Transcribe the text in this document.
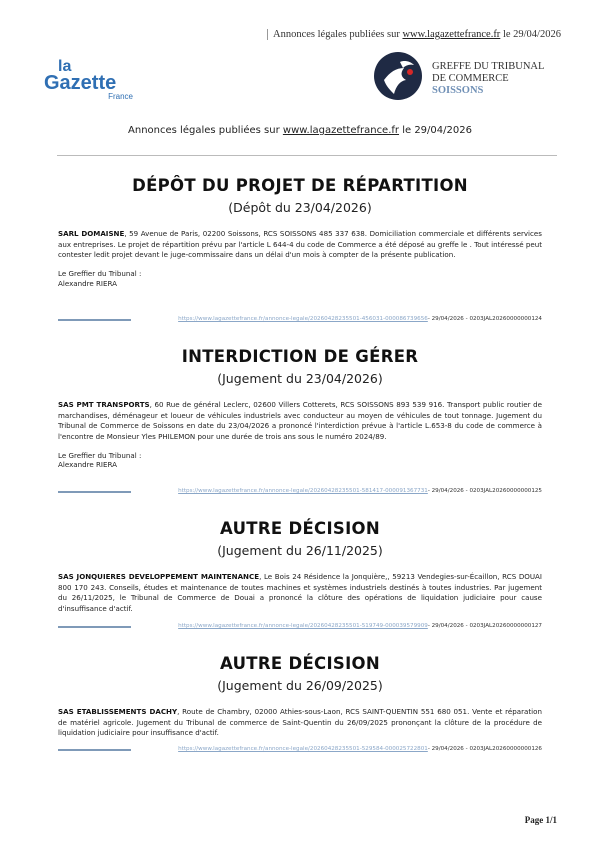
Annonces légales publiées sur www.lagazettefrance.fr le 29/04/2026
la
Gazette
France
GREFFE DU TRIBUNAL
DE COMMERCE
SOISSONS
Annonces légales publiées sur www.lagazettefrance.fr le 29/04/2026
DÉPÔT DU PROJET DE RÉPARTITION
(Dépôt du 23/04/2026)
SARL DOMAISNE, 59 Avenue de Paris, 02200 Soissons, RCS SOISSONS 485 337 638. Domiciliation commerciale et différents services aux entreprises. Le projet de répartition prévu par l'article L 644-4 du code de Commerce a été déposé au greffe le . Tout intéressé peut contester ledit projet devant le juge-commissaire dans un délai d'un mois à compter de la présente publication.
Le Greffier du Tribunal :
Alexandre RIERA
https://www.lagazettefrance.fr/annonce-legale/20260428235501-456031-000086739656 - 29/04/2026 - 0203JAL20260000000124
INTERDICTION DE GÉRER
(Jugement du 23/04/2026)
SAS PMT TRANSPORTS, 60 Rue de général Leclerc, 02600 Villers Cotterets, RCS SOISSONS 893 539 916. Transport public routier de marchandises, déménageur et loueur de véhicules industriels avec conducteur au moyen de véhicules de tout tonnage. Jugement du Tribunal de Commerce de Soissons en date du 23/04/2026 a prononcé l'interdiction prévue à l'article L.653-8 du code de commerce à l'encontre de Monsieur Yles PHILEMON pour une durée de trois ans sous le numéro 2024/89.
Le Greffier du Tribunal :
Alexandre RIERA
https://www.lagazettefrance.fr/annonce-legale/20260428235501-581417-000091367731 - 29/04/2026 - 0203JAL20260000000125
AUTRE DÉCISION
(Jugement du 26/11/2025)
SAS JONQUIERES DEVELOPPEMENT MAINTENANCE, Le Bois 24 Résidence la Jonquière,, 59213 Vendegies-sur-Écaillon, RCS DOUAI 800 170 243. Conseils, études et maintenance de toutes machines et systèmes industriels destinés à toutes industries. Par jugement du 26/11/2025, le Tribunal de Commerce de Douai a prononcé la clôture des opérations de liquidation judiciaire pour cause d'insuffisance d'actif.
https://www.lagazettefrance.fr/annonce-legale/20260428235501-519749-000039579909 - 29/04/2026 - 0203JAL20260000000127
AUTRE DÉCISION
(Jugement du 26/09/2025)
SAS ETABLISSEMENTS DACHY, Route de Chambry, 02000 Athies-sous-Laon, RCS SAINT-QUENTIN 551 680 051. Vente et réparation de matériel agricole. Jugement du Tribunal de commerce de Saint-Quentin du 26/09/2025 prononçant la clôture de la procédure de liquidation judiciaire pour insuffisance d'actif.
https://www.lagazettefrance.fr/annonce-legale/20260428235501-529584-000025722801 - 29/04/2026 - 0203JAL20260000000126
Page 1/1
